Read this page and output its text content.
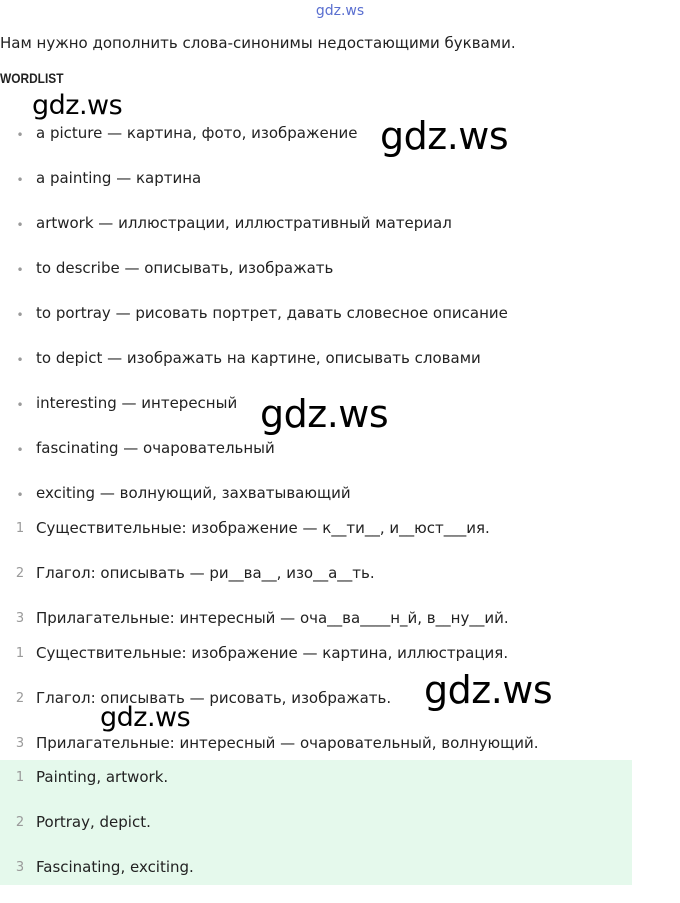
gdz.ws
Нам нужно дополнить слова-синонимы недостающими буквами.
WORDLIST
• a picture — картина, фото, изображение
• a painting — картина
• artwork — иллюстрации, иллюстративный материал
• to describe — описывать, изображать
• to portray — рисовать портрет, давать словесное описание
• to depict — изображать на картине, описывать словами
• interesting — интересный
• fascinating — очаровательный
• exciting — волнующий, захватывающий
1 Существительные: изображение — к__ти__, и__юст___ия.
2 Глагол: описывать — ри__ва__, изо__а__ть.
3 Прилагательные: интересный — оча__ва____н_й, в__ну__ий.
1 Существительные: изображение — картина, иллюстрация.
2 Глагол: описывать — рисовать, изображать.
3 Прилагательные: интересный — очаровательный, волнующий.
1 Painting, artwork.
2 Portray, depict.
3 Fascinating, exciting.
gdz.ws
gdz.ws
gdz.ws
gdz.ws
gdz.ws
